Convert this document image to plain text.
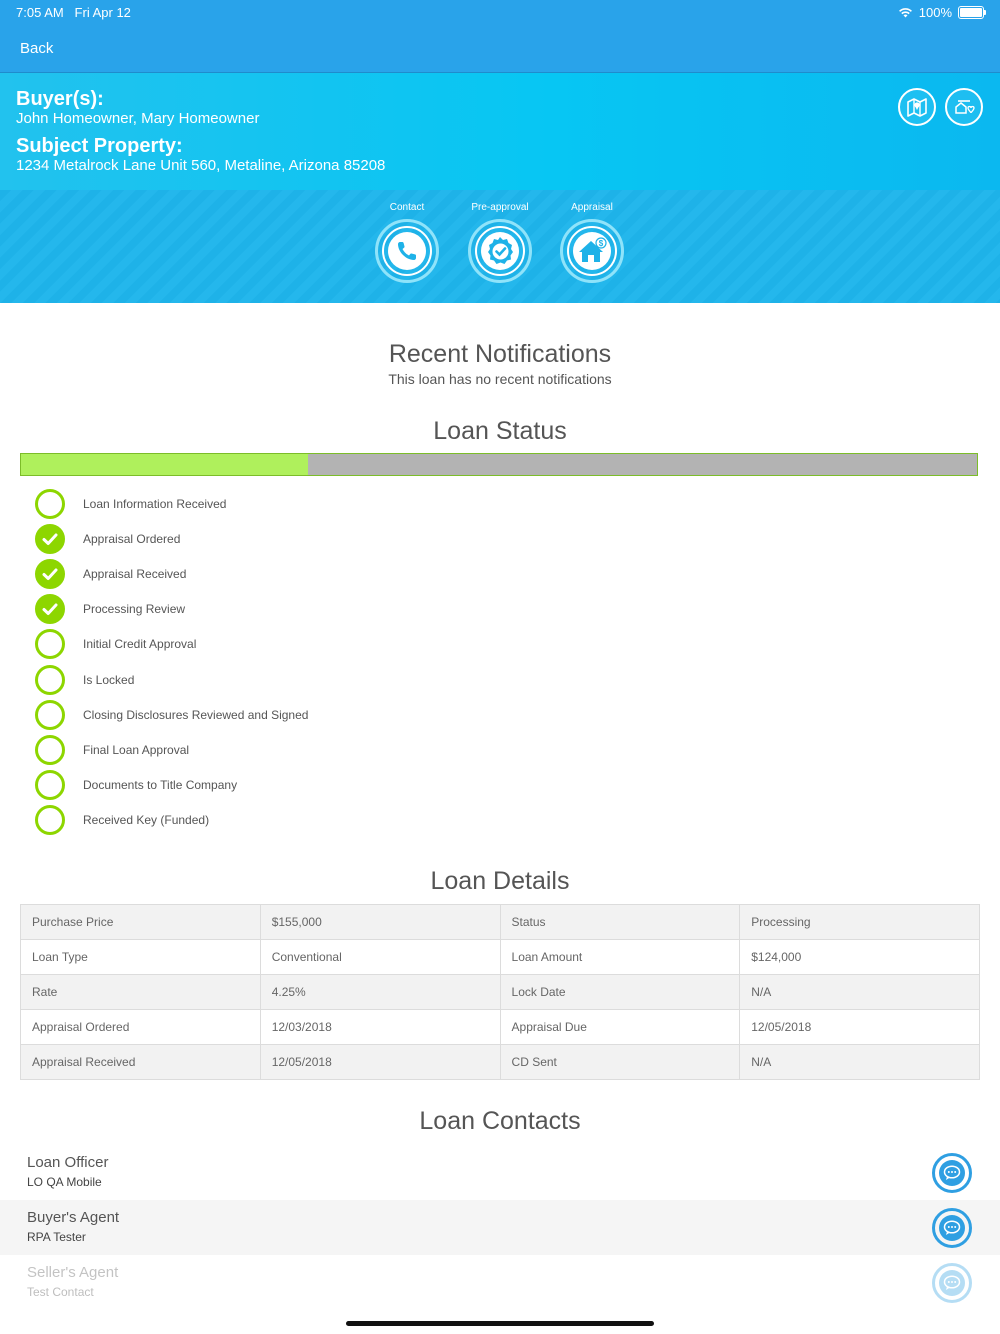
7:05 AM Fri Apr 12	100%
Back
Buyer(s):
John Homeowner, Mary Homeowner
Subject Property:
1234 Metalrock Lane Unit 560, Metaline, Arizona 85208
Contact	Pre-approval	Appraisal
$
Recent Notifications
This loan has no recent notifications
Loan Status
Loan Information Received
Appraisal Ordered
Appraisal Received
Processing Review
Initial Credit Approval
Is Locked
Closing Disclosures Reviewed and Signed
Final Loan Approval
Documents to Title Company
Received Key (Funded)
Loan Details
Purchase Price	$155,000	Status	Processing
Loan Type	Conventional	Loan Amount	$124,000
Rate	4.25%	Lock Date	N/A
Appraisal Ordered	12/03/2018	Appraisal Due	12/05/2018
Appraisal Received	12/05/2018	CD Sent	N/A
Loan Contacts
Loan Officer
LO QA Mobile
Buyer's Agent
RPA Tester
Seller's Agent
Test Contact
